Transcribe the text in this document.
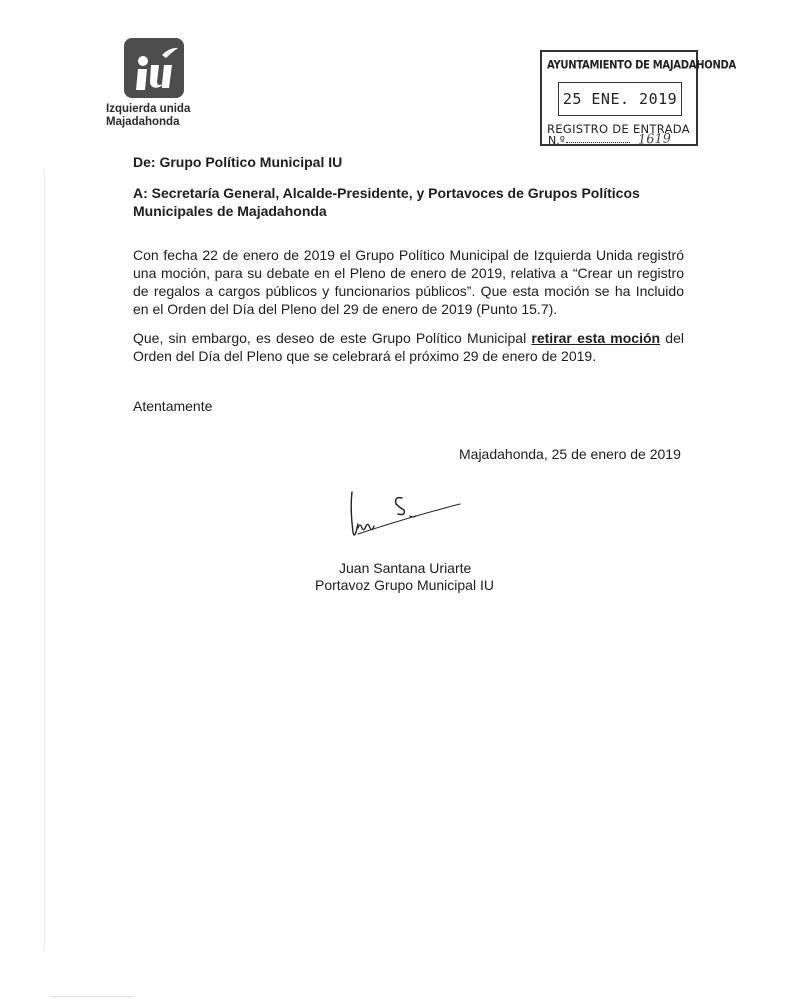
Izquierda unida
Majadahonda
AYUNTAMIENTO DE MAJADAHONDA
25 ENE. 2019
REGISTRO DE ENTRADA
N.º	1619
De: Grupo Político Municipal IU
A: Secretaría General, Alcalde-Presidente, y Portavoces de Grupos Políticos
Municipales de Majadahonda
Con fecha 22 de enero de 2019 el Grupo Político Municipal de Izquierda Unida registró una moción, para su debate en el Pleno de enero de 2019, relativa a “Crear un registro de regalos a cargos públicos y funcionarios públicos”. Que esta moción se ha Incluido en el Orden del Día del Pleno del 29 de enero de 2019 (Punto 15.7).
Que, sin embargo, es deseo de este Grupo Político Municipal retirar esta moción del Orden del Día del Pleno que se celebrará el próximo 29 de enero de 2019.
Atentamente
Majadahonda, 25 de enero de 2019
Juan Santana Uriarte
Portavoz Grupo Municipal IU
